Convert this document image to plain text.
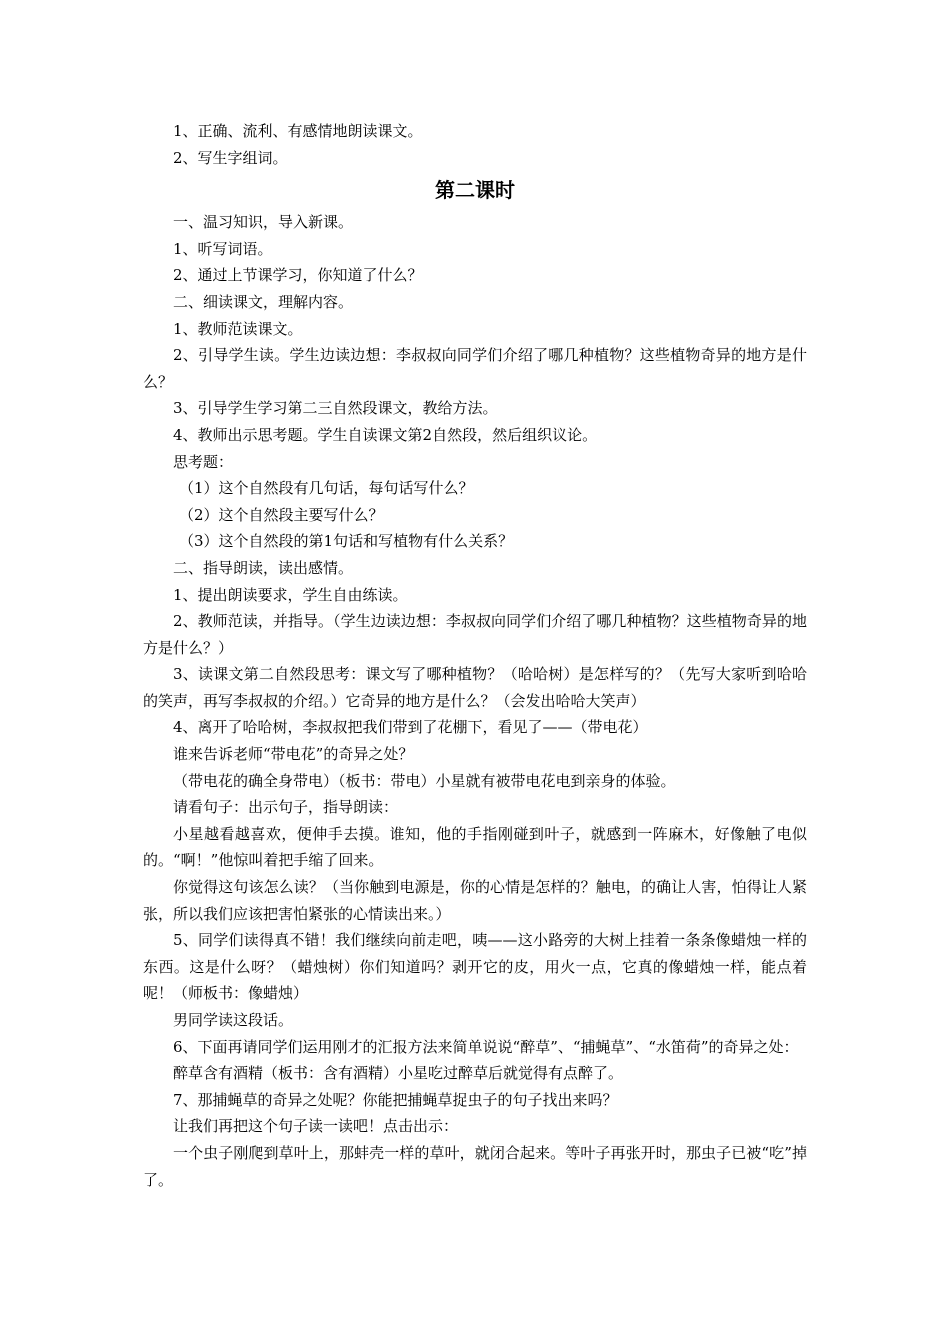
1、正确、流利、有感情地朗读课文。

2、写生字组词。

第二课时

一、温习知识，导入新课。

1、听写词语。

2、通过上节课学习，你知道了什么？

二、细读课文，理解内容。

1、教师范读课文。

2、引导学生读。学生边读边想：李叔叔向同学们介绍了哪几种植物？这些植物奇异的地方是什么？

3、引导学生学习第二三自然段课文，教给方法。

4、教师出示思考题。学生自读课文第2自然段，然后组织议论。

思考题：

（1）这个自然段有几句话，每句话写什么？

（2）这个自然段主要写什么？

（3）这个自然段的第1句话和写植物有什么关系？

二、指导朗读，读出感情。

1、提出朗读要求，学生自由练读。

2、教师范读，并指导。（学生边读边想：李叔叔向同学们介绍了哪几种植物？这些植物奇异的地方是什么？）

3、读课文第二自然段思考：课文写了哪种植物？（哈哈树）是怎样写的？（先写大家听到哈哈的笑声，再写李叔叔的介绍。）它奇异的地方是什么？（会发出哈哈大笑声）

4、离开了哈哈树，李叔叔把我们带到了花棚下，看见了——（带电花）

谁来告诉老师“带电花”的奇异之处？

（带电花的确全身带电）（板书：带电）小星就有被带电花电到亲身的体验。

请看句子：出示句子，指导朗读：

小星越看越喜欢，便伸手去摸。谁知，他的手指刚碰到叶子，就感到一阵麻木，好像触了电似的。“啊！”他惊叫着把手缩了回来。

你觉得这句该怎么读？（当你触到电源是，你的心情是怎样的？触电，的确让人害，怕得让人紧张，所以我们应该把害怕紧张的心情读出来。）

5、同学们读得真不错！我们继续向前走吧，咦——这小路旁的大树上挂着一条条像蜡烛一样的东西。这是什么呀？（蜡烛树）你们知道吗？剥开它的皮，用火一点，它真的像蜡烛一样，能点着呢！（师板书：像蜡烛）

男同学读这段话。

6、下面再请同学们运用刚才的汇报方法来简单说说“醉草”、“捕蝇草”、“水笛荷”的奇异之处：

醉草含有酒精（板书：含有酒精）小星吃过醉草后就觉得有点醉了。

7、那捕蝇草的奇异之处呢？你能把捕蝇草捉虫子的句子找出来吗？

让我们再把这个句子读一读吧！点击出示：

一个虫子刚爬到草叶上，那蚌壳一样的草叶，就闭合起来。等叶子再张开时，那虫子已被“吃”掉了。
